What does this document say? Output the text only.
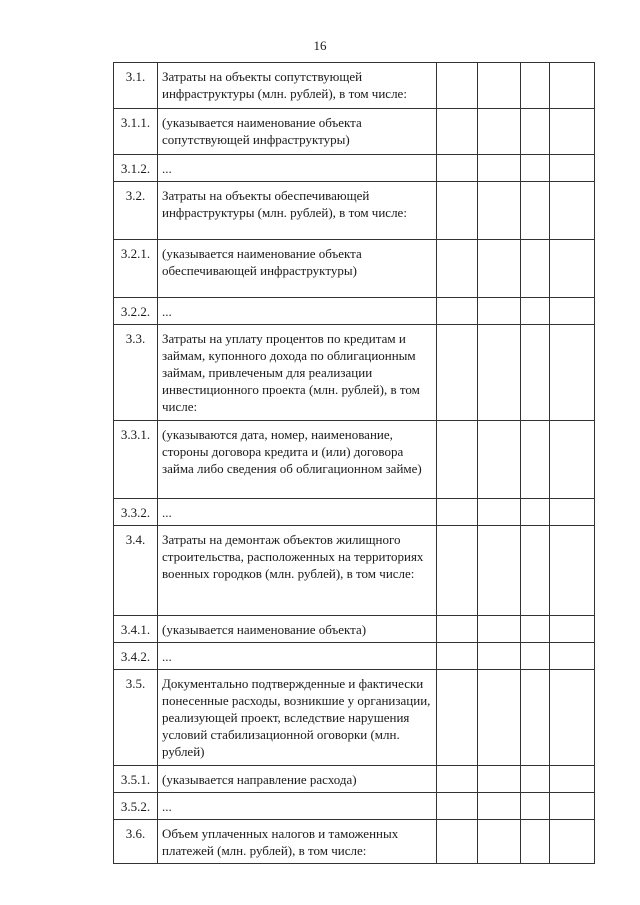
16
3.1.	Затраты на объекты сопутствующей инфраструктуры (млн. рублей), в том числе:				
3.1.1.	(указывается наименование объекта сопутствующей инфраструктуры)				
3.1.2.	...				
3.2.	Затраты на объекты обеспечивающей инфраструктуры (млн. рублей), в том числе:				
3.2.1.	(указывается наименование объекта обеспечивающей инфраструктуры)				
3.2.2.	...				
3.3.	Затраты на уплату процентов по кредитам и займам, купонного дохода по облигационным займам, привлеченым для реализации инвестиционного проекта (млн. рублей), в том числе:				
3.3.1.	(указываются дата, номер, наименование, стороны договора кредита и (или) договора займа либо сведения об облигационном займе)				
3.3.2.	...				
3.4.	Затраты на демонтаж объектов жилищного строительства, расположенных на территориях военных городков (млн. рублей), в том числе:				
3.4.1.	(указывается наименование объекта)				
3.4.2.	...				
3.5.	Документально подтвержденные и фактически понесенные расходы, возникшие у организации, реализующей проект, вследствие нарушения условий стабилизационной оговорки (млн. рублей)				
3.5.1.	(указывается направление расхода)				
3.5.2.	...				
3.6.	Объем уплаченных налогов и таможенных платежей (млн. рублей), в том числе:				
